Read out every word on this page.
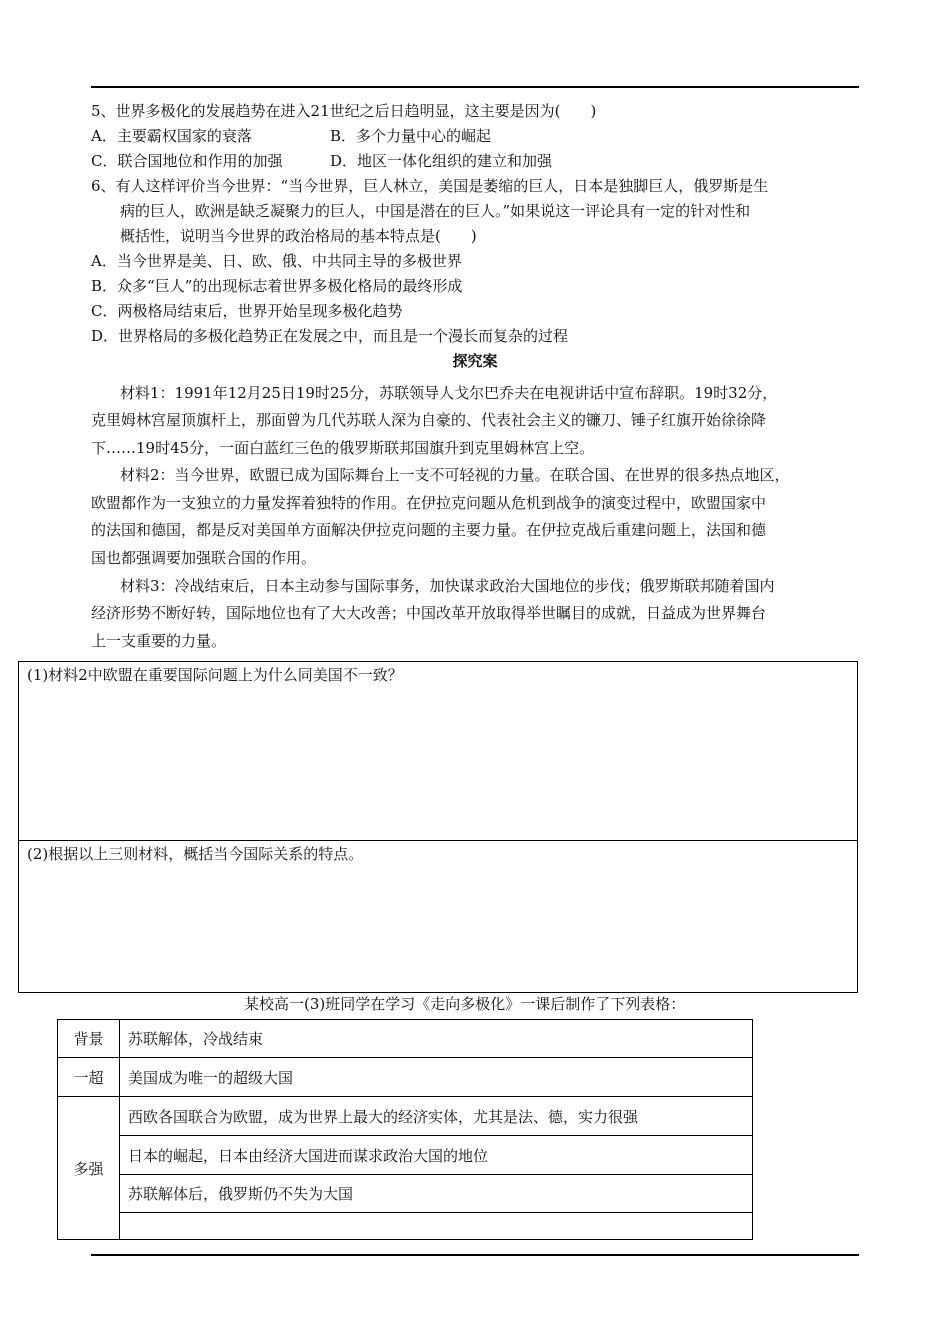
5、世界多极化的发展趋势在进入21世纪之后日趋明显，这主要是因为(　　)
A．主要霸权国家的衰落	B．多个力量中心的崛起
C．联合国地位和作用的加强	D．地区一体化组织的建立和加强
6、有人这样评价当今世界：“当今世界，巨人林立，美国是萎缩的巨人，日本是独脚巨人，俄罗斯是生
病的巨人，欧洲是缺乏凝聚力的巨人，中国是潜在的巨人。”如果说这一评论具有一定的针对性和
概括性，说明当今世界的政治格局的基本特点是(　　)
A．当今世界是美、日、欧、俄、中共同主导的多极世界
B．众多“巨人”的出现标志着世界多极化格局的最终形成
C．两极格局结束后，世界开始呈现多极化趋势
D．世界格局的多极化趋势正在发展之中，而且是一个漫长而复杂的过程
探究案
材料1：1991年12月25日19时25分，苏联领导人戈尔巴乔夫在电视讲话中宣布辞职。19时32分，
克里姆林宫屋顶旗杆上，那面曾为几代苏联人深为自豪的、代表社会主义的镰刀、锤子红旗开始徐徐降
下……19时45分，一面白蓝红三色的俄罗斯联邦国旗升到克里姆林宫上空。
材料2：当今世界，欧盟已成为国际舞台上一支不可轻视的力量。在联合国、在世界的很多热点地区，
欧盟都作为一支独立的力量发挥着独特的作用。在伊拉克问题从危机到战争的演变过程中，欧盟国家中
的法国和德国，都是反对美国单方面解决伊拉克问题的主要力量。在伊拉克战后重建问题上，法国和德
国也都强调要加强联合国的作用。
材料3：冷战结束后，日本主动参与国际事务，加快谋求政治大国地位的步伐；俄罗斯联邦随着国内
经济形势不断好转，国际地位也有了大大改善；中国改革开放取得举世瞩目的成就，日益成为世界舞台
上一支重要的力量。
(1)材料2中欧盟在重要国际问题上为什么同美国不一致？
(2)根据以上三则材料，概括当今国际关系的特点。
某校高一(3)班同学在学习《走向多极化》一课后制作了下列表格：
背景	苏联解体，冷战结束
一超	美国成为唯一的超级大国
多强	西欧各国联合为欧盟，成为世界上最大的经济实体，尤其是法、德，实力很强
	日本的崛起，日本由经济大国进而谋求政治大国的地位
	苏联解体后，俄罗斯仍不失为大国
